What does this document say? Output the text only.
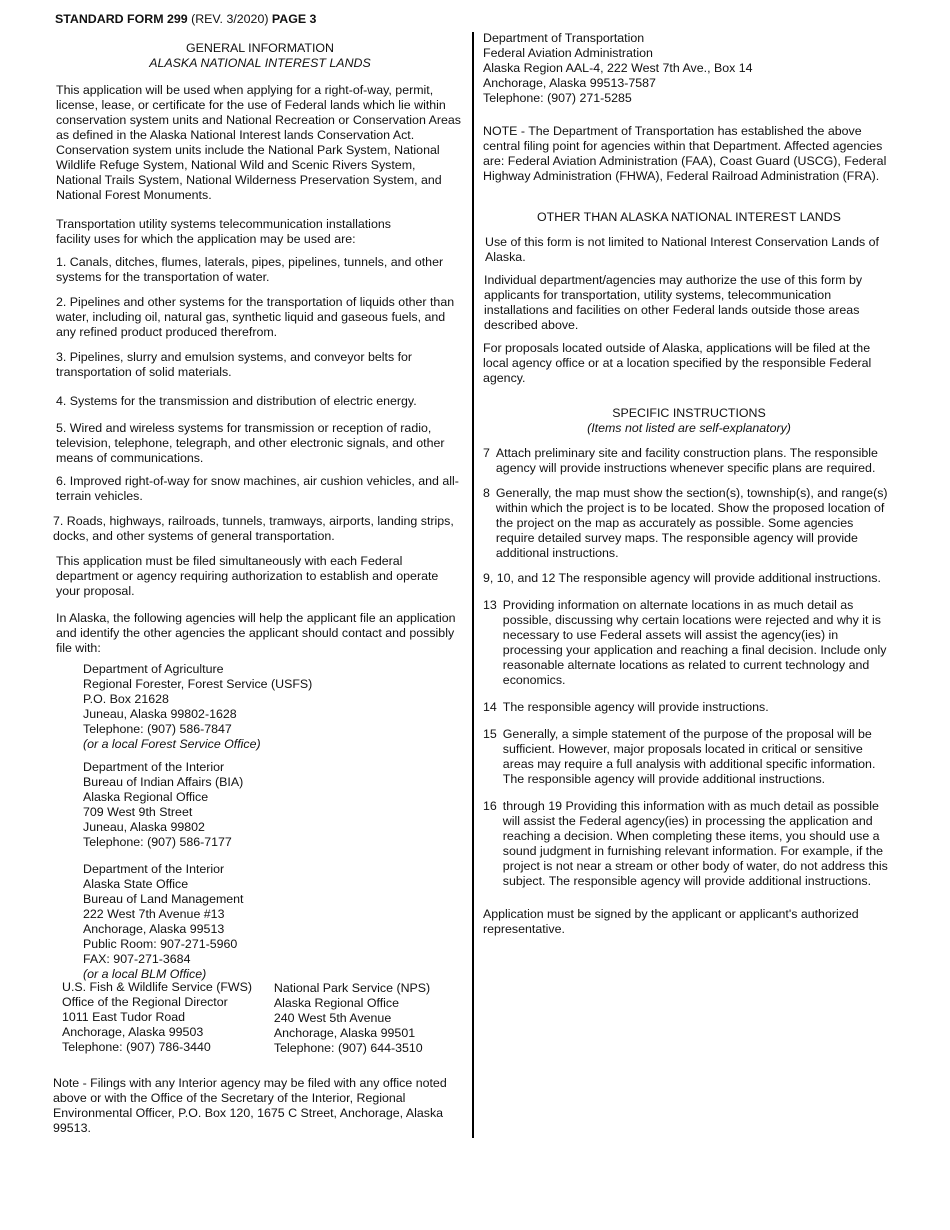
STANDARD FORM 299 (REV. 3/2020) PAGE 3

GENERAL INFORMATION

ALASKA NATIONAL INTEREST LANDS

This application will be used when applying for a right-of-way, permit, license, lease, or certificate for the use of Federal lands which lie within conservation system units and National Recreation or Conservation Areas as defined in the Alaska National Interest lands Conservation Act. Conservation system units include the National Park System, National Wildlife Refuge System, National Wild and Scenic Rivers System, National Trails System, National Wilderness Preservation System, and National Forest Monuments.

Transportation utility systems telecommunication installations

facility uses for which the application may be used are:

1. Canals, ditches, flumes, laterals, pipes, pipelines, tunnels, and other systems for the transportation of water.

2. Pipelines and other systems for the transportation of liquids other than water, including oil, natural gas, synthetic liquid and gaseous fuels, and any refined product produced therefrom.

3. Pipelines, slurry and emulsion systems, and conveyor belts for transportation of solid materials.

4. Systems for the transmission and distribution of electric energy.

5. Wired and wireless systems for transmission or reception of radio, television, telephone, telegraph, and other electronic signals, and other means of communications.

6. Improved right-of-way for snow machines, air cushion vehicles, and all-terrain vehicles.

7. Roads, highways, railroads, tunnels, tramways, airports, landing strips, docks, and other systems of general transportation.

This application must be filed simultaneously with each Federal department or agency requiring authorization to establish and operate your proposal.

In Alaska, the following agencies will help the applicant file an application and identify the other agencies the applicant should contact and possibly file with:

Department of Agriculture

Regional Forester, Forest Service (USFS)

P.O. Box 21628

Juneau, Alaska 99802-1628

Telephone: (907) 586-7847

(or a local Forest Service Office)

Department of the Interior

Bureau of Indian Affairs (BIA)

Alaska Regional Office

709 West 9th Street

Juneau, Alaska 99802

Telephone: (907) 586-7177

Department of the Interior

Alaska State Office

Bureau of Land Management

222 West 7th Avenue #13

Anchorage, Alaska 99513

Public Room: 907-271-5960

FAX: 907-271-3684

(or a local BLM Office)

U.S. Fish & Wildlife Service (FWS)

Office of the Regional Director

1011 East Tudor Road

Anchorage, Alaska 99503

Telephone: (907) 786-3440

National Park Service (NPS)

Alaska Regional Office

240 West 5th Avenue

Anchorage, Alaska 99501

Telephone: (907) 644-3510

Note - Filings with any Interior agency may be filed with any office noted above or with the Office of the Secretary of the Interior, Regional Environmental Officer, P.O. Box 120, 1675 C Street, Anchorage, Alaska 99513.

Department of Transportation

Federal Aviation Administration

Alaska Region AAL-4, 222 West 7th Ave., Box 14

Anchorage, Alaska 99513-7587

Telephone: (907) 271-5285

NOTE - The Department of Transportation has established the above central filing point for agencies within that Department. Affected agencies are: Federal Aviation Administration (FAA), Coast Guard (USCG), Federal Highway Administration (FHWA), Federal Railroad Administration (FRA).

OTHER THAN ALASKA NATIONAL INTEREST LANDS

Use of this form is not limited to National Interest Conservation Lands of Alaska.

Individual department/agencies may authorize the use of this form by applicants for transportation, utility systems, telecommunication installations and facilities on other Federal lands outside those areas described above.

For proposals located outside of Alaska, applications will be filed at the local agency office or at a location specified by the responsible Federal agency.

SPECIFIC INSTRUCTIONS

(Items not listed are self-explanatory)

7 Attach preliminary site and facility construction plans. The responsible agency will provide instructions whenever specific plans are required.
8 Generally, the map must show the section(s), township(s), and range(s) within which the project is to be located. Show the proposed location of the project on the map as accurately as possible. Some agencies require detailed survey maps. The responsible agency will provide additional instructions.
9, 10, and 12 The responsible agency will provide additional instructions.
13 Providing information on alternate locations in as much detail as possible, discussing why certain locations were rejected and why it is necessary to use Federal assets will assist the agency(ies) in processing your application and reaching a final decision. Include only reasonable alternate locations as related to current technology and economics.
14 The responsible agency will provide instructions.
15 Generally, a simple statement of the purpose of the proposal will be sufficient. However, major proposals located in critical or sensitive areas may require a full analysis with additional specific information. The responsible agency will provide additional instructions.
16 through 19 Providing this information with as much detail as possible will assist the Federal agency(ies) in processing the application and reaching a decision. When completing these items, you should use a sound judgment in furnishing relevant information. For example, if the project is not near a stream or other body of water, do not address this subject. The responsible agency will provide additional instructions.

Application must be signed by the applicant or applicant's authorized representative.
